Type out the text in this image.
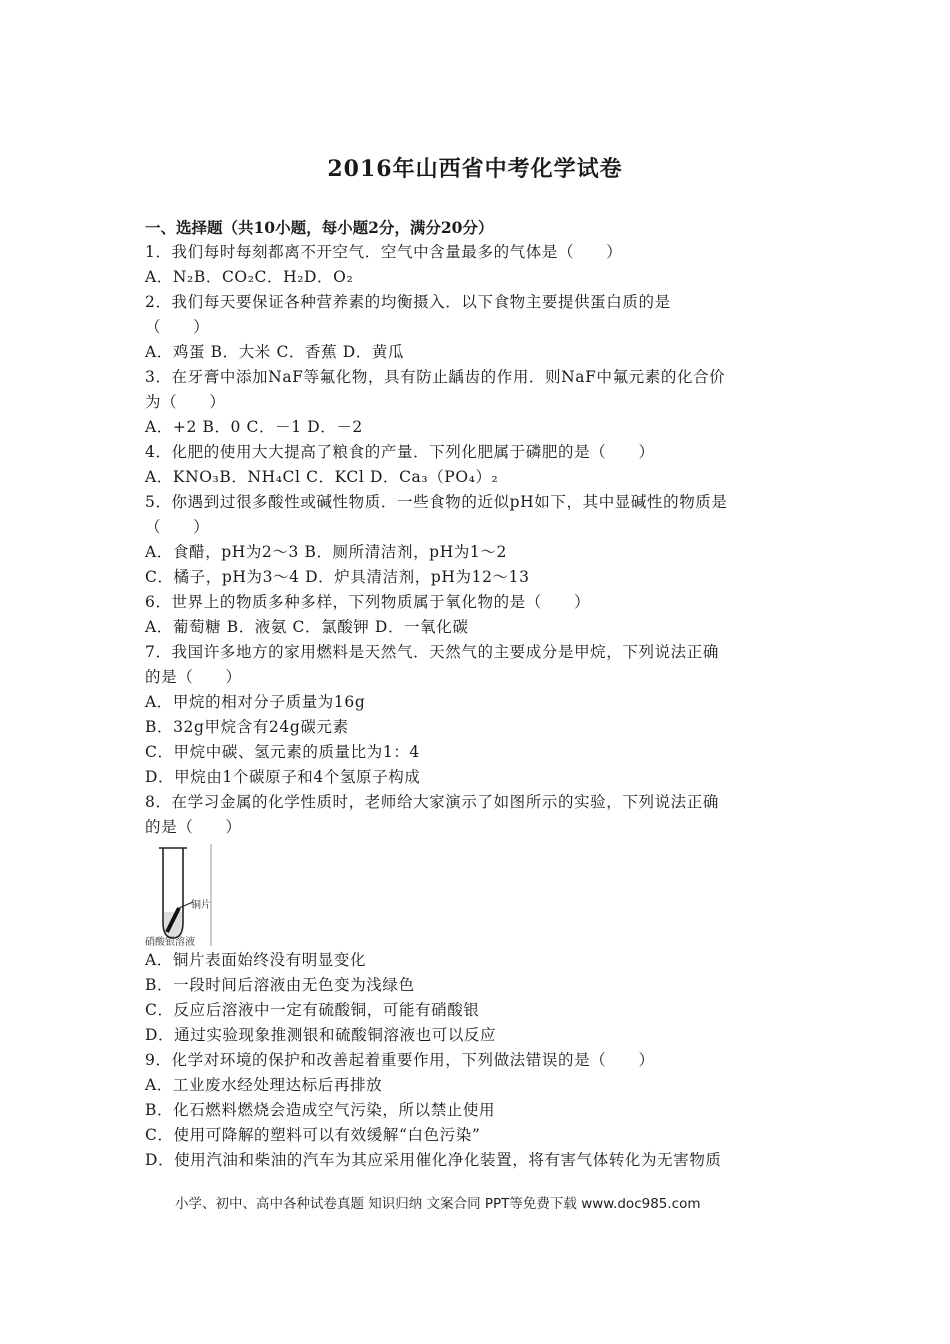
2016年山西省中考化学试卷
一、选择题（共10小题，每小题2分，满分20分）
1．我们每时每刻都离不开空气．空气中含量最多的气体是（　　）
A．N₂B．CO₂C．H₂D．O₂
2．我们每天要保证各种营养素的均衡摄入．以下食物主要提供蛋白质的是
（　　）
A．鸡蛋 B．大米 C．香蕉 D．黄瓜
3．在牙膏中添加NaF等氟化物，具有防止龋齿的作用．则NaF中氟元素的化合价
为（　　）
A．+2 B．0 C．－1 D．－2
4．化肥的使用大大提高了粮食的产量．下列化肥属于磷肥的是（　　）
A．KNO₃B．NH₄Cl C．KCl D．Ca₃（PO₄）₂
5．你遇到过很多酸性或碱性物质．一些食物的近似pH如下，其中显碱性的物质是
（　　）
A．食醋，pH为2～3 B．厕所清洁剂，pH为1～2
C．橘子，pH为3～4 D．炉具清洁剂，pH为12～13
6．世界上的物质多种多样，下列物质属于氧化物的是（　　）
A．葡萄糖 B．液氨 C．氯酸钾 D．一氧化碳
7．我国许多地方的家用燃料是天然气．天然气的主要成分是甲烷，下列说法正确
的是（　　）
A．甲烷的相对分子质量为16g
B．32g甲烷含有24g碳元素
C．甲烷中碳、氢元素的质量比为1：4
D．甲烷由1个碳原子和4个氢原子构成
8．在学习金属的化学性质时，老师给大家演示了如图所示的实验，下列说法正确
的是（　　）
铜片
硝酸银溶液
A．铜片表面始终没有明显变化
B．一段时间后溶液由无色变为浅绿色
C．反应后溶液中一定有硫酸铜，可能有硝酸银
D．通过实验现象推测银和硫酸铜溶液也可以反应
9．化学对环境的保护和改善起着重要作用，下列做法错误的是（　　）
A．工业废水经处理达标后再排放
B．化石燃料燃烧会造成空气污染，所以禁止使用
C．使用可降解的塑料可以有效缓解“白色污染”
D．使用汽油和柴油的汽车为其应采用催化净化装置，将有害气体转化为无害物质
小学、初中、高中各种试卷真题 知识归纳 文案合同 PPT等免费下载 www.doc985.com
